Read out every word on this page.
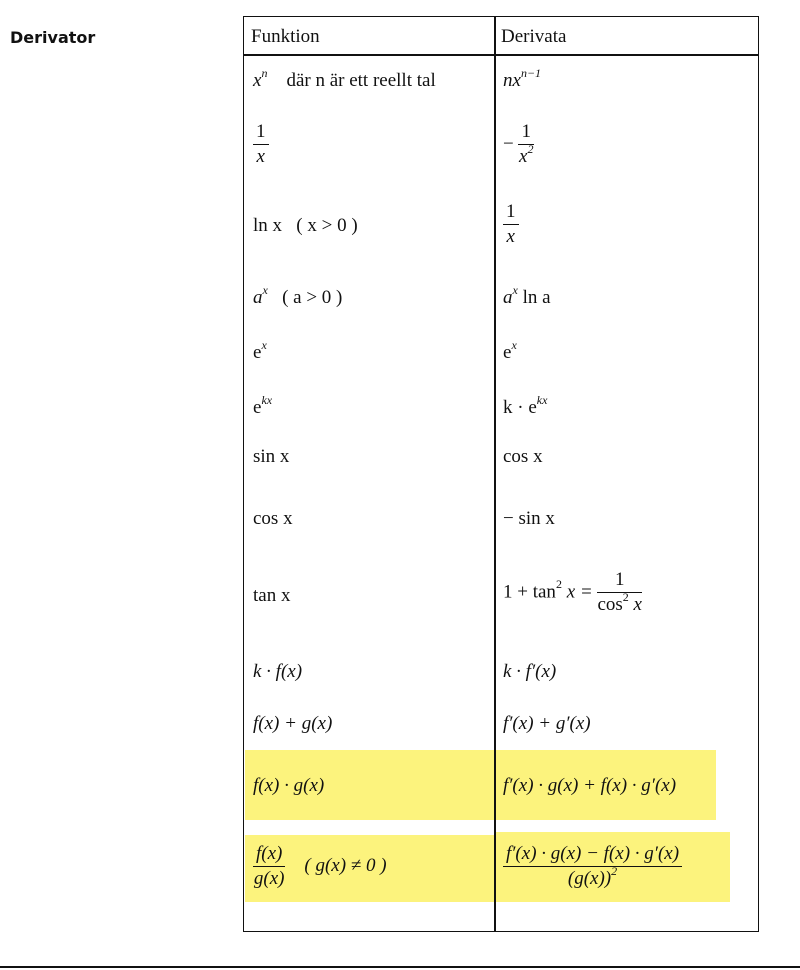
Derivator	Funktion	Derivata
$x^n$ där n är ett reellt tal	$nx^{n-1}$
$\frac{1}{x}$	− $\frac{1}{x^2}$
ln x ( x > 0 )	$\frac{1}{x}$
$a^x$ ( a > 0 )	$a^x$ ln a
$e^x$	$e^x$
$e^{kx}$	$k \cdot e^{kx}$
sin x	cos x
cos x	− sin x
tan x	$1 + \tan^2 x = \frac{1}{\cos^2 x}$
k · f(x)	k · f′(x)
f(x) + g(x)	f′(x) + g′(x)
f(x) · g(x)	f′(x) · g(x) + f(x) · g′(x)
$\frac{f(x)}{g(x)}$ ( g(x) ≠ 0 )	$\frac{f'(x) \cdot g(x) - f(x) \cdot g'(x)}{(g(x))^2}$
